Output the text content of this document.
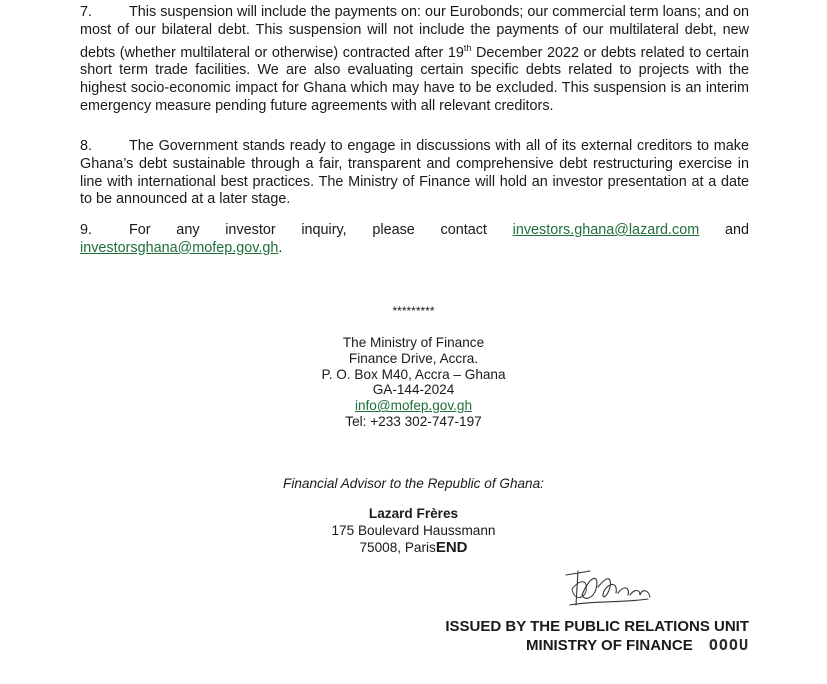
7.	This suspension will include the payments on: our Eurobonds; our commercial term loans; and on most of our bilateral debt. This suspension will not include the payments of our multilateral debt, new debts (whether multilateral or otherwise) contracted after 19th December 2022 or debts related to certain short term trade facilities. We are also evaluating certain specific debts related to projects with the highest socio-economic impact for Ghana which may have to be excluded. This suspension is an interim emergency measure pending future agreements with all relevant creditors.
8.	The Government stands ready to engage in discussions with all of its external creditors to make Ghana’s debt sustainable through a fair, transparent and comprehensive debt restructuring exercise in line with international best practices. The Ministry of Finance will hold an investor presentation at a date to be announced at a later stage.
9.	For any investor inquiry, please contact investors.ghana@lazard.com and investorsghana@mofep.gov.gh.
*********
The Ministry of Finance
Finance Drive, Accra.
P. O. Box M40, Accra – Ghana
GA-144-2024
info@mofep.gov.gh
Tel: +233 302-747-197
Financial Advisor to the Republic of Ghana:
Lazard Frères
175 Boulevard Haussmann
75008, ParisEND
ISSUED BY THE PUBLIC RELATIONS UNIT
MINISTRY OF FINANCE OOOU
